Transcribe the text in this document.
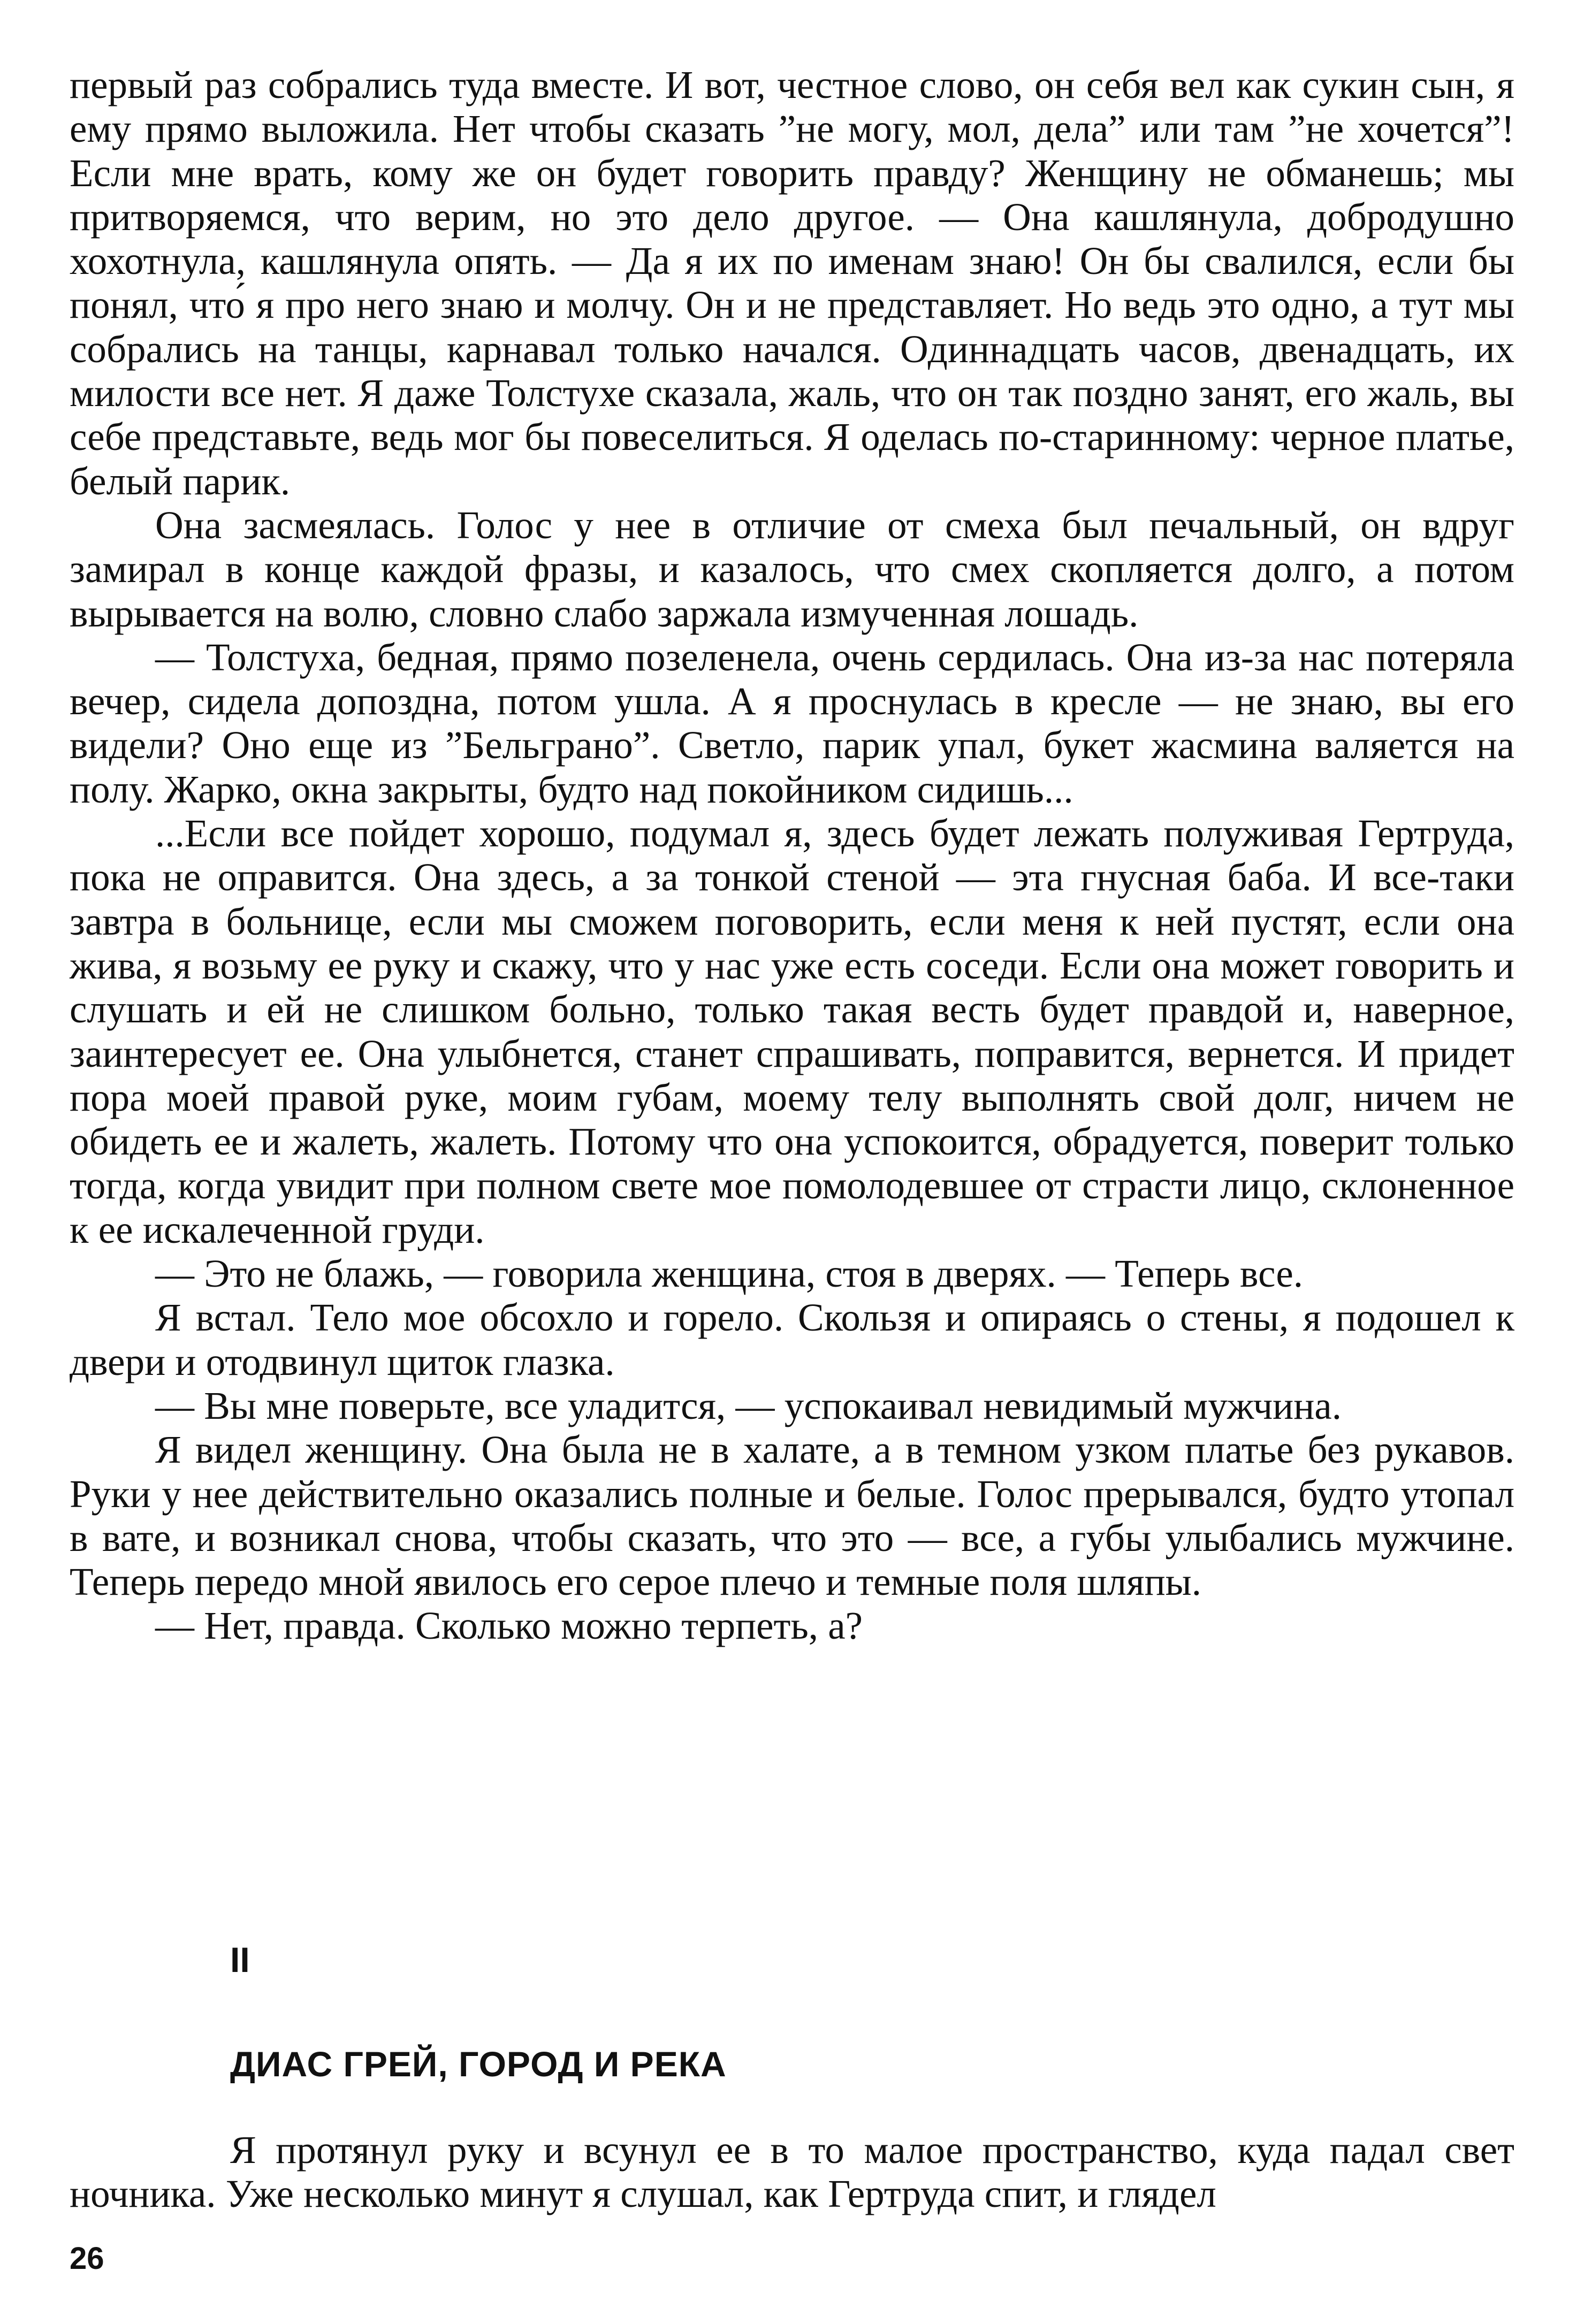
первый раз собрались туда вместе. И вот, честное слово, он себя вел как сукин сын, я ему прямо выложила. Нет чтобы сказать ”не могу, мол, дела” или там ”не хочется”! Если мне врать, кому же он будет говорить правду? Женщину не обманешь; мы притворяемся, что верим, но это дело другое. — Она кашлянула, добродушно хохотнула, кашлянула опять. — Да я их по именам знаю! Он бы свалился, если бы понял, что́ я про него знаю и молчу. Он и не представляет. Но ведь это одно, а тут мы собрались на танцы, карнавал только начался. Одиннадцать часов, двенадцать, их милости все нет. Я даже Толстухе сказала, жаль, что он так поздно занят, его жаль, вы себе представьте, ведь мог бы повеселиться. Я оделась по-старинному: черное платье, белый парик.

Она засмеялась. Голос у нее в отличие от смеха был печальный, он вдруг замирал в конце каждой фразы, и казалось, что смех скопляется долго, а потом вырывается на волю, словно слабо заржала измученная лошадь.

— Толстуха, бедная, прямо позеленела, очень сердилась. Она из-за нас потеряла вечер, сидела допоздна, потом ушла. А я проснулась в кресле — не знаю, вы его видели? Оно еще из ”Бельграно”. Светло, парик упал, букет жасмина валяется на полу. Жарко, окна закрыты, будто над покойником сидишь...

...Если все пойдет хорошо, подумал я, здесь будет лежать полуживая Гертруда, пока не оправится. Она здесь, а за тонкой стеной — эта гнусная баба. И все-таки завтра в больнице, если мы сможем поговорить, если меня к ней пустят, если она жива, я возьму ее руку и скажу, что у нас уже есть соседи. Если она может говорить и слушать и ей не слишком больно, только такая весть будет правдой и, наверное, заинтересует ее. Она улыбнется, станет спрашивать, поправится, вернется. И придет пора моей правой руке, моим губам, моему телу выполнять свой долг, ничем не обидеть ее и жалеть, жалеть. Потому что она успокоится, обрадуется, поверит только тогда, когда увидит при полном свете мое помолодевшее от страсти лицо, склоненное к ее искалеченной груди.

— Это не блажь, — говорила женщина, стоя в дверях. — Теперь все.

Я встал. Тело мое обсохло и горело. Скользя и опираясь о стены, я подошел к двери и отодвинул щиток глазка.

— Вы мне поверьте, все уладится, — успокаивал невидимый мужчина.

Я видел женщину. Она была не в халате, а в темном узком платье без рукавов. Руки у нее действительно оказались полные и белые. Голос прерывался, будто утопал в вате, и возникал снова, чтобы сказать, что это — все, а губы улыбались мужчине. Теперь передо мной явилось его серое плечо и темные поля шляпы.

— Нет, правда. Сколько можно терпеть, а?

II
ДИАС ГРЕЙ, ГОРОД И РЕКА

Я протянул руку и всунул ее в то малое пространство, куда падал свет ночника. Уже несколько минут я слушал, как Гертруда спит, и глядел

26
